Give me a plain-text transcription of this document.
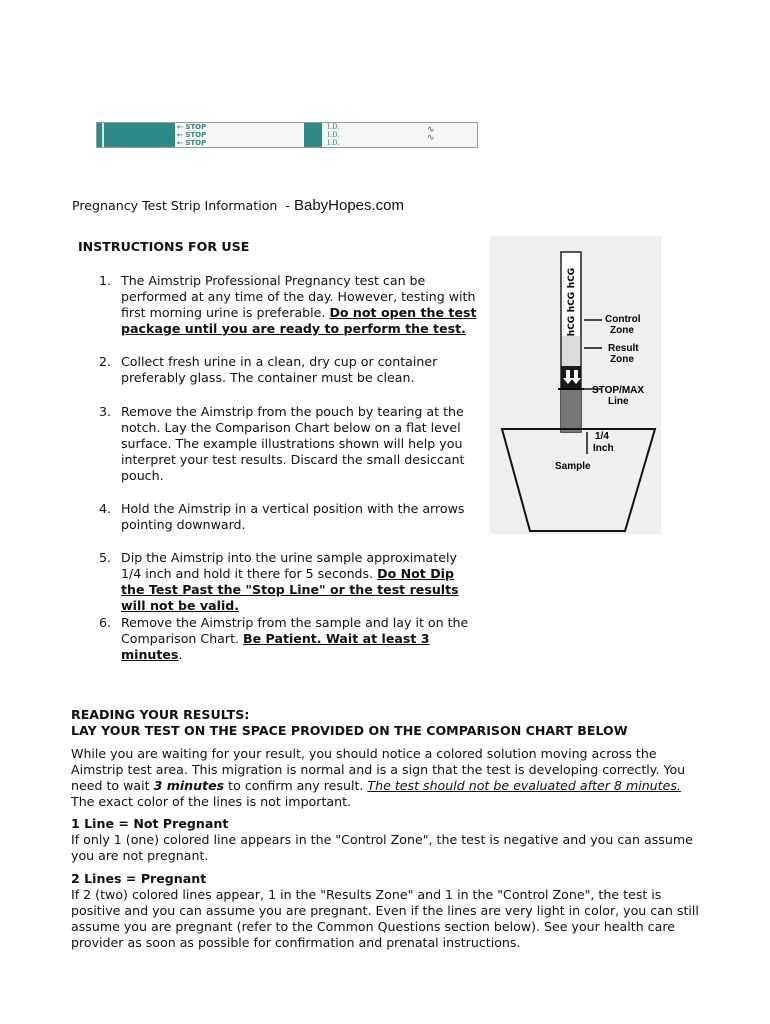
← STOP
← STOP
← STOP
I.D.
I.D.
I.D.
∿
∿
Pregnancy Test Strip Information - BabyHopes.com
INSTRUCTIONS FOR USE
1. The Aimstrip Professional Pregnancy test can be performed at any time of the day. However, testing with first morning urine is preferable. Do not open the test package until you are ready to perform the test.
2. Collect fresh urine in a clean, dry cup or container preferably glass. The container must be clean.
3. Remove the Aimstrip from the pouch by tearing at the notch. Lay the Comparison Chart below on a flat level surface. The example illustrations shown will help you interpret your test results. Discard the small desiccant pouch.
4. Hold the Aimstrip in a vertical position with the arrows pointing downward.
5. Dip the Aimstrip into the urine sample approximately 1/4 inch and hold it there for 5 seconds. Do Not Dip the Test Past the "Stop Line" or the test results will not be valid.
6. Remove the Aimstrip from the sample and lay it on the Comparison Chart. Be Patient. Wait at least 3 minutes.
hCG
hCG
hCG	Control
Zone
Result
Zone
STOP/MAX
Line
1/4
Inch
Sample
READING YOUR RESULTS:
LAY YOUR TEST ON THE SPACE PROVIDED ON THE COMPARISON CHART BELOW
While you are waiting for your result, you should notice a colored solution moving across the Aimstrip test area. This migration is normal and is a sign that the test is developing correctly. You need to wait 3 minutes to confirm any result. The test should not be evaluated after 8 minutes.
The exact color of the lines is not important.
1 Line = Not Pregnant
If only 1 (one) colored line appears in the "Control Zone", the test is negative and you can assume you are not pregnant.
2 Lines = Pregnant
If 2 (two) colored lines appear, 1 in the "Results Zone" and 1 in the "Control Zone", the test is positive and you can assume you are pregnant. Even if the lines are very light in color, you can still assume you are pregnant (refer to the Common Questions section below). See your health care provider as soon as possible for confirmation and prenatal instructions.
